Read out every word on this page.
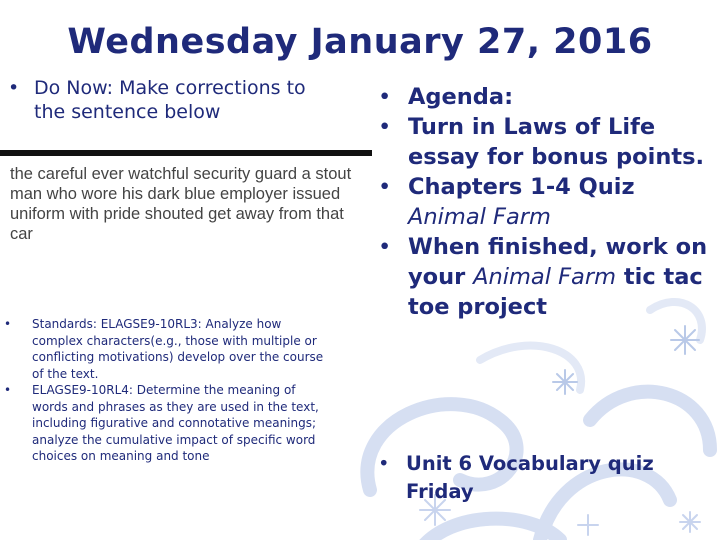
Wednesday January 27, 2016
• Do Now: Make corrections to the sentence below

the careful ever watchful security guard a stout man who wore his dark blue employer issued uniform with pride shouted get away from that car

• Standards: ELAGSE9-10RL3: Analyze how complex characters(e.g., those with multiple or conflicting motivations) develop over the course of the text.
• ELAGSE9-10RL4: Determine the meaning of words and phrases as they are used in the text, including figurative and connotative meanings; analyze the cumulative impact of specific word choices on meaning and tone
• Agenda:
• Turn in Laws of Life essay for bonus points.
• Chapters 1-4 Quiz Animal Farm
• When finished, work on your Animal Farm tic tac toe project
• Unit 6 Vocabulary quiz Friday
